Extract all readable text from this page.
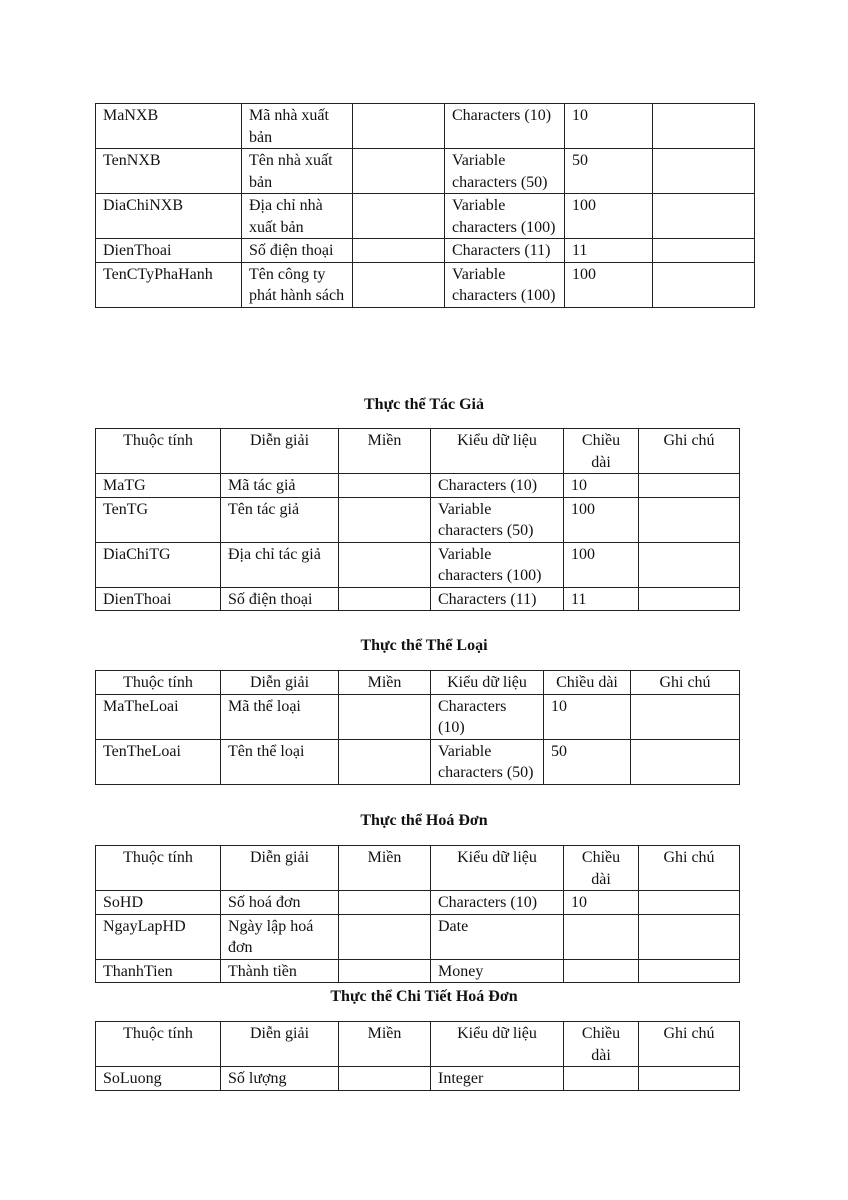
MaNXB	Mã nhà xuất bản		Characters (10)	10	
TenNXB	Tên nhà xuất bản		Variable characters (50)	50	
DiaChiNXB	Địa chỉ nhà xuất bản		Variable characters (100)	100	
DienThoai	Số điện thoại		Characters (11)	11	
TenCTyPhaHanh	Tên công ty phát hành sách		Variable characters (100)	100	
Thực thể Tác Giả
Thuộc tính	Diễn giải	Miền	Kiểu dữ liệu	Chiều dài	Ghi chú
MaTG	Mã tác giả		Characters (10)	10	
TenTG	Tên tác giả		Variable characters (50)	100	
DiaChiTG	Địa chỉ tác giả		Variable characters (100)	100	
DienThoai	Số điện thoại		Characters (11)	11	
Thực thể Thể Loại
Thuộc tính	Diễn giải	Miền	Kiểu dữ liệu	Chiều dài	Ghi chú
MaTheLoai	Mã thể loại		Characters (10)	10	
TenTheLoai	Tên thể loại		Variable characters (50)	50	
Thực thể Hoá Đơn
Thuộc tính	Diễn giải	Miền	Kiểu dữ liệu	Chiều dài	Ghi chú
SoHD	Số hoá đơn		Characters (10)	10	
NgayLapHD	Ngày lập hoá đơn		Date		
ThanhTien	Thành tiền		Money		
Thực thể Chi Tiết Hoá Đơn
Thuộc tính	Diễn giải	Miền	Kiểu dữ liệu	Chiều dài	Ghi chú
SoLuong	Số lượng		Integer		
